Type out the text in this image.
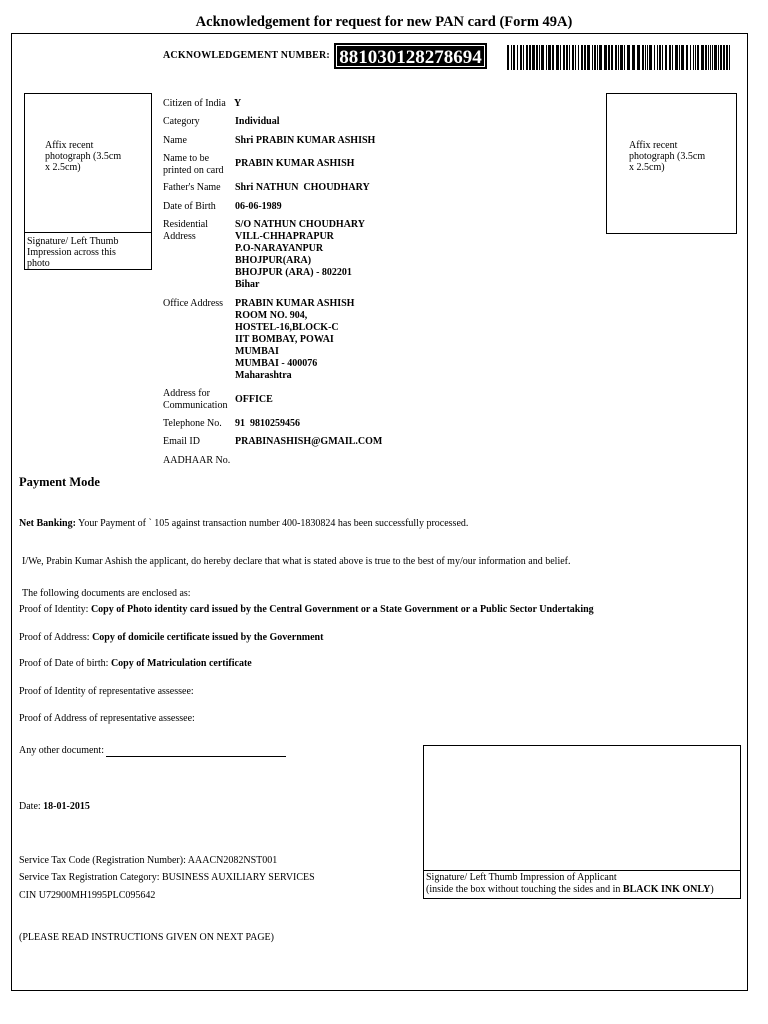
Acknowledgement for request for new PAN card (Form 49A)
ACKNOWLEDGEMENT NUMBER: 881030128278694
Affix recent photograph (3.5cm x 2.5cm)
Signature/ Left Thumb Impression across this photo
Affix recent photograph (3.5cm x 2.5cm)
Citizen of India Y
Category	Individual
Name	Shri PRABIN KUMAR ASHISH
Name to be printed on card
PRABIN KUMAR ASHISH
Father's Name Shri NATHUN  CHOUDHARY
Date of Birth 06-06-1989
Residential Address
S/O NATHUN CHOUDHARY
VILL-CHHAPRAPUR
P.O-NARAYANPUR
BHOJPUR(ARA)
BHOJPUR (ARA) - 802201
Bihar
Office Address PRABIN KUMAR ASHISH
ROOM NO. 904,
HOSTEL-16,BLOCK-C
IIT BOMBAY, POWAI
MUMBAI
MUMBAI - 400076
Maharashtra
Address for Communication
OFFICE
Telephone No. 91  9810259456
Email ID	PRABINASHISH@GMAIL.COM
AADHAAR No.
Payment Mode
Net Banking: Your Payment of ` 105 against transaction number 400-1830824 has been successfully processed.
I/We, Prabin Kumar Ashish the applicant, do hereby declare that what is stated above is true to the best of my/our information and belief.
The following documents are enclosed as:
Proof of Identity: Copy of Photo identity card issued by the Central Government or a State Government or a Public Sector Undertaking
Proof of Address: Copy of domicile certificate issued by the Government
Proof of Date of birth: Copy of Matriculation certificate
Proof of Identity of representative assessee:
Proof of Address of representative assessee:
Any other document:
Date: 18-01-2015
Service Tax Code (Registration Number): AAACN2082NST001
Service Tax Registration Category: BUSINESS AUXILIARY SERVICES
CIN U72900MH1995PLC095642
Signature/ Left Thumb Impression of Applicant
(inside the box without touching the sides and in BLACK INK ONLY)
(PLEASE READ INSTRUCTIONS GIVEN ON NEXT PAGE)
